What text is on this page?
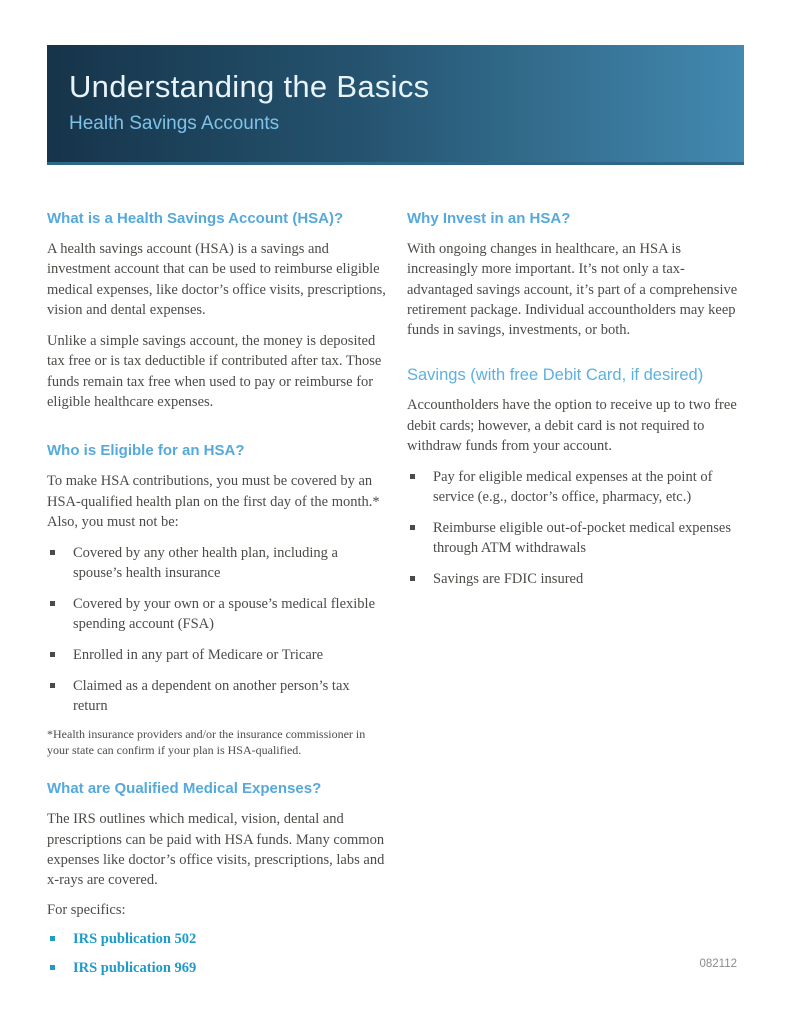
Understanding the Basics
Health Savings Accounts
What is a Health Savings Account (HSA)?

A health savings account (HSA) is a savings and investment account that can be used to reimburse eligible medical expenses, like doctor’s office visits, prescriptions, vision and dental expenses.

Unlike a simple savings account, the money is deposited tax free or is tax deductible if contributed after tax. Those funds remain tax free when used to pay or reimburse for eligible healthcare expenses.

Who is Eligible for an HSA?

To make HSA contributions, you must be covered by an HSA-qualified health plan on the first day of the month.* Also, you must not be:

Covered by any other health plan, including a spouse’s health insurance
Covered by your own or a spouse’s medical flexible spending account (FSA)
Enrolled in any part of Medicare or Tricare
Claimed as a dependent on another person’s tax return

*Health insurance providers and/or the insurance commissioner in your state can confirm if your plan is HSA-qualified.

What are Qualified Medical Expenses?

The IRS outlines which medical, vision, dental and prescriptions can be paid with HSA funds. Many common expenses like doctor’s office visits, prescriptions, labs and x-rays are covered.

For specifics:

IRS publication 502
IRS publication 969
Why Invest in an HSA?

With ongoing changes in healthcare, an HSA is increasingly more important. It’s not only a tax-advantaged savings account, it’s part of a comprehensive retirement package. Individual accountholders may keep funds in savings, investments, or both.

Savings (with free Debit Card, if desired)

Accountholders have the option to receive up to two free debit cards; however, a debit card is not required to withdraw funds from your account.

Pay for eligible medical expenses at the point of service (e.g., doctor’s office, pharmacy, etc.)
Reimburse eligible out-of-pocket medical expenses through ATM withdrawals
Savings are FDIC insured
082112
